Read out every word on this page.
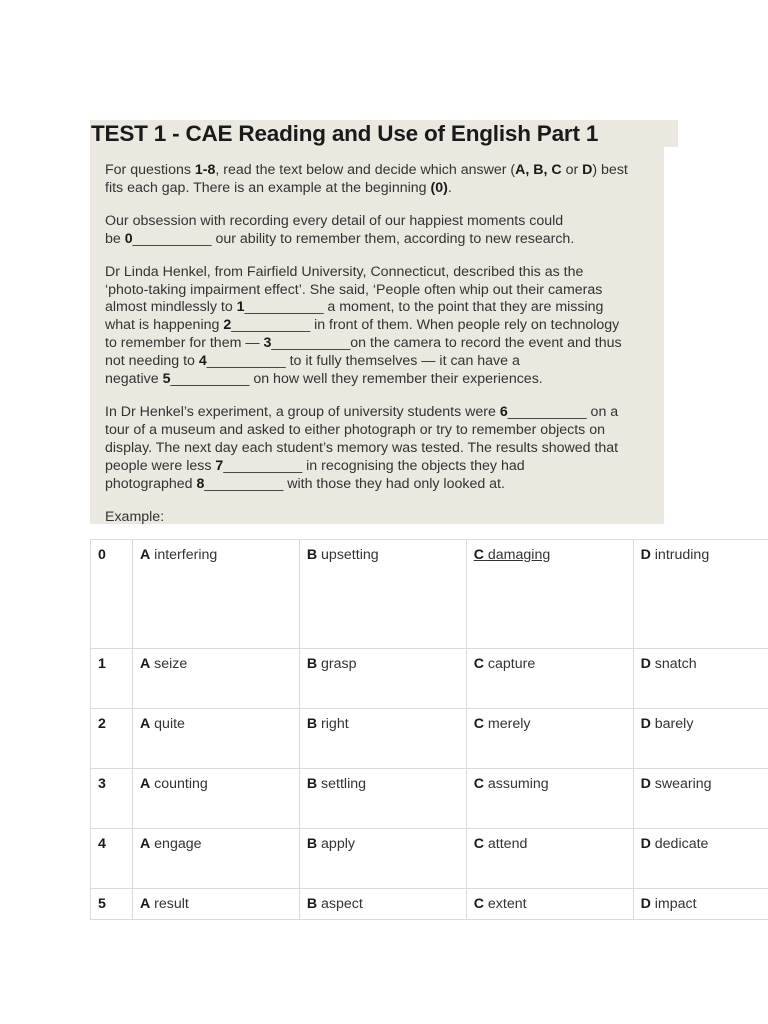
TEST 1 - CAE Reading and Use of English Part 1

For questions 1-8, read the text below and decide which answer (A, B, C or D) best
fits each gap. There is an example at the beginning (0).

Our obsession with recording every detail of our happiest moments could
be 0__________ our ability to remember them, according to new research.

Dr Linda Henkel, from Fairfield University, Connecticut, described this as the
‘photo-taking impairment effect’. She said, ‘People often whip out their cameras
almost mindlessly to 1__________ a moment, to the point that they are missing
what is happening 2__________ in front of them. When people rely on technology
to remember for them — 3__________on the camera to record the event and thus
not needing to 4__________ to it fully themselves — it can have a
negative 5__________ on how well they remember their experiences.

In Dr Henkel’s experiment, a group of university students were 6__________ on a
tour of a museum and asked to either photograph or try to remember objects on
display. The next day each student’s memory was tested. The results showed that
people were less 7__________ in recognising the objects they had
photographed 8__________ with those they had only looked at.

Example:

0	A interfering	B upsetting	C damaging	D intruding
1	A seize	B grasp	C capture	D snatch
2	A quite	B right	C merely	D barely
3	A counting	B settling	C assuming	D swearing
4	A engage	B apply	C attend	D dedicate
5	A result	B aspect	C extent	D impact
